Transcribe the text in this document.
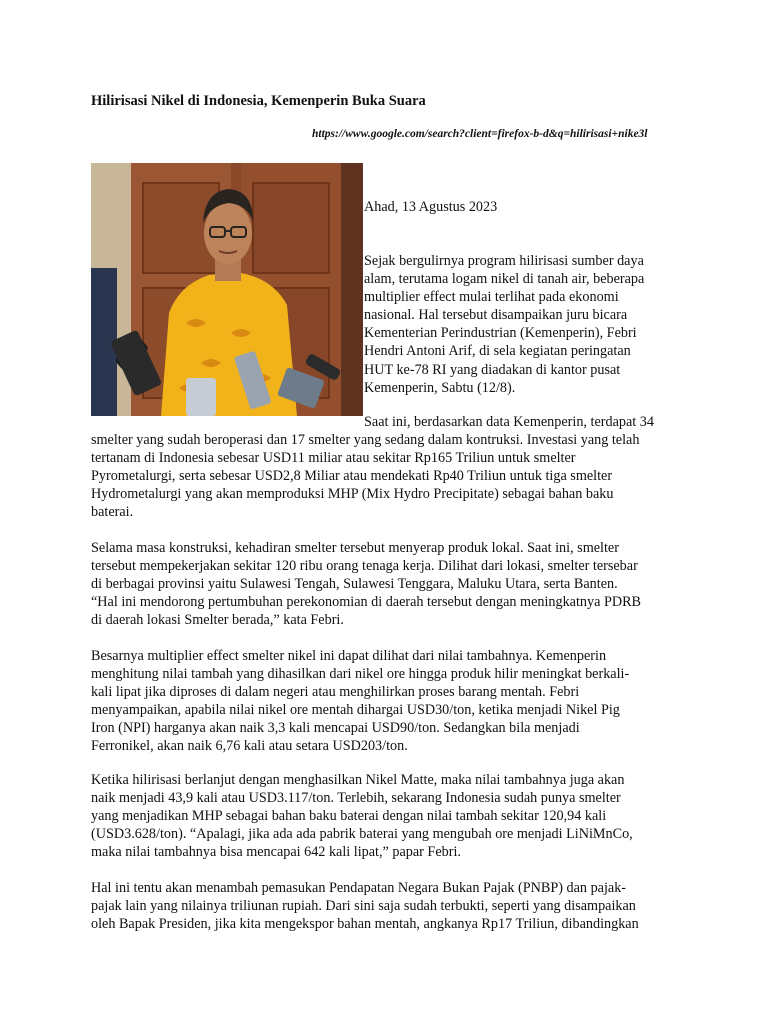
Hilirisasi Nikel di Indonesia, Kemenperin Buka Suara
https://www.google.com/search?client=firefox-b-d&q=hilirisasi+nike3l
Ahad, 13 Agustus 2023
Sejak bergulirnya program hilirisasi sumber daya
alam, terutama logam nikel di tanah air, beberapa
multiplier effect mulai terlihat pada ekonomi
nasional. Hal tersebut disampaikan juru bicara
Kementerian Perindustrian (Kemenperin), Febri
Hendri Antoni Arif, di sela kegiatan peringatan
HUT ke-78 RI yang diadakan di kantor pusat
Kemenperin, Sabtu (12/8).
Saat ini, berdasarkan data Kemenperin, terdapat 34
smelter yang sudah beroperasi dan 17 smelter yang sedang dalam kontruksi. Investasi yang telah
tertanam di Indonesia sebesar USD11 miliar atau sekitar Rp165 Triliun untuk smelter
Pyrometalurgi, serta sebesar USD2,8 Miliar atau mendekati Rp40 Triliun untuk tiga smelter
Hydrometalurgi yang akan memproduksi MHP (Mix Hydro Precipitate) sebagai bahan baku
baterai.
Selama masa konstruksi, kehadiran smelter tersebut menyerap produk lokal. Saat ini, smelter
tersebut mempekerjakan sekitar 120 ribu orang tenaga kerja. Dilihat dari lokasi, smelter tersebar
di berbagai provinsi yaitu Sulawesi Tengah, Sulawesi Tenggara, Maluku Utara, serta Banten.
“Hal ini mendorong pertumbuhan perekonomian di daerah tersebut dengan meningkatnya PDRB
di daerah lokasi Smelter berada,” kata Febri.
Besarnya multiplier effect smelter nikel ini dapat dilihat dari nilai tambahnya. Kemenperin
menghitung nilai tambah yang dihasilkan dari nikel ore hingga produk hilir meningkat berkali-
kali lipat jika diproses di dalam negeri atau menghilirkan proses barang mentah. Febri
menyampaikan, apabila nilai nikel ore mentah dihargai USD30/ton, ketika menjadi Nikel Pig
Iron (NPI) harganya akan naik 3,3 kali mencapai USD90/ton. Sedangkan bila menjadi
Ferronikel, akan naik 6,76 kali atau setara USD203/ton.
Ketika hilirisasi berlanjut dengan menghasilkan Nikel Matte, maka nilai tambahnya juga akan
naik menjadi 43,9 kali atau USD3.117/ton. Terlebih, sekarang Indonesia sudah punya smelter
yang menjadikan MHP sebagai bahan baku baterai dengan nilai tambah sekitar 120,94 kali
(USD3.628/ton). “Apalagi, jika ada ada pabrik baterai yang mengubah ore menjadi LiNiMnCo,
maka nilai tambahnya bisa mencapai 642 kali lipat,” papar Febri.
Hal ini tentu akan menambah pemasukan Pendapatan Negara Bukan Pajak (PNBP) dan pajak-
pajak lain yang nilainya triliunan rupiah. Dari sini saja sudah terbukti, seperti yang disampaikan
oleh Bapak Presiden, jika kita mengekspor bahan mentah, angkanya Rp17 Triliun, dibandingkan
